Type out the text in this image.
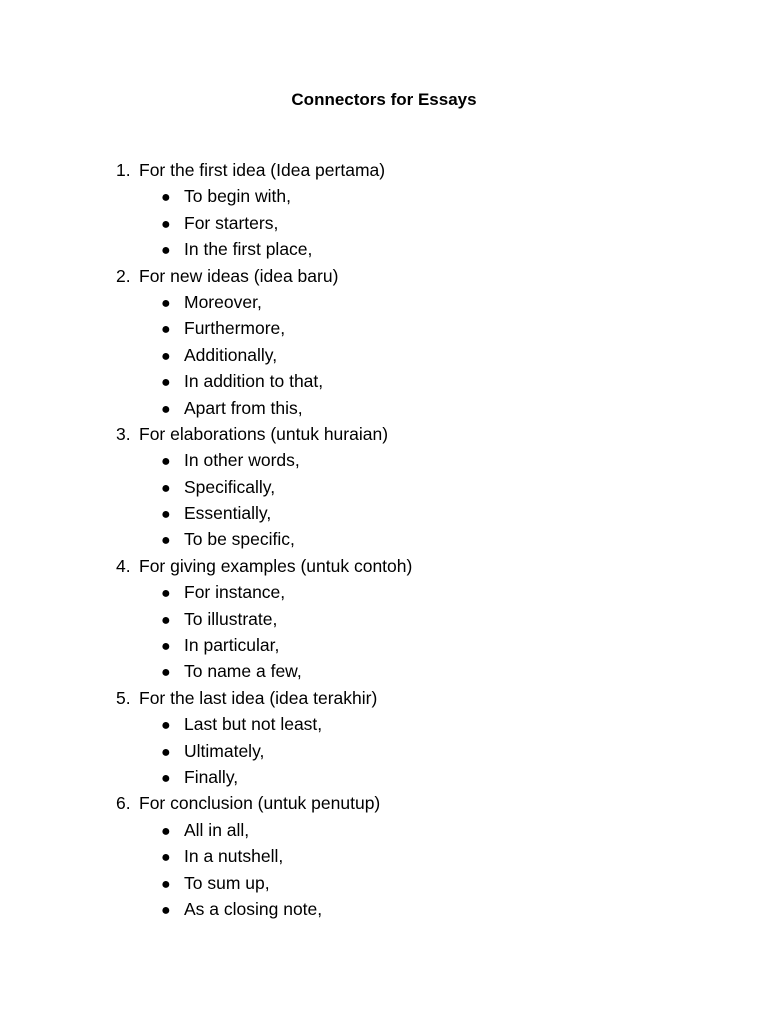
Connectors for Essays
1. For the first idea (Idea pertama)
● To begin with,
● For starters,
● In the first place,
2. For new ideas (idea baru)
● Moreover,
● Furthermore,
● Additionally,
● In addition to that,
● Apart from this,
3. For elaborations (untuk huraian)
● In other words,
● Specifically,
● Essentially,
● To be specific,
4. For giving examples (untuk contoh)
● For instance,
● To illustrate,
● In particular,
● To name a few,
5. For the last idea (idea terakhir)
● Last but not least,
● Ultimately,
● Finally,
6. For conclusion (untuk penutup)
● All in all,
● In a nutshell,
● To sum up,
● As a closing note,
